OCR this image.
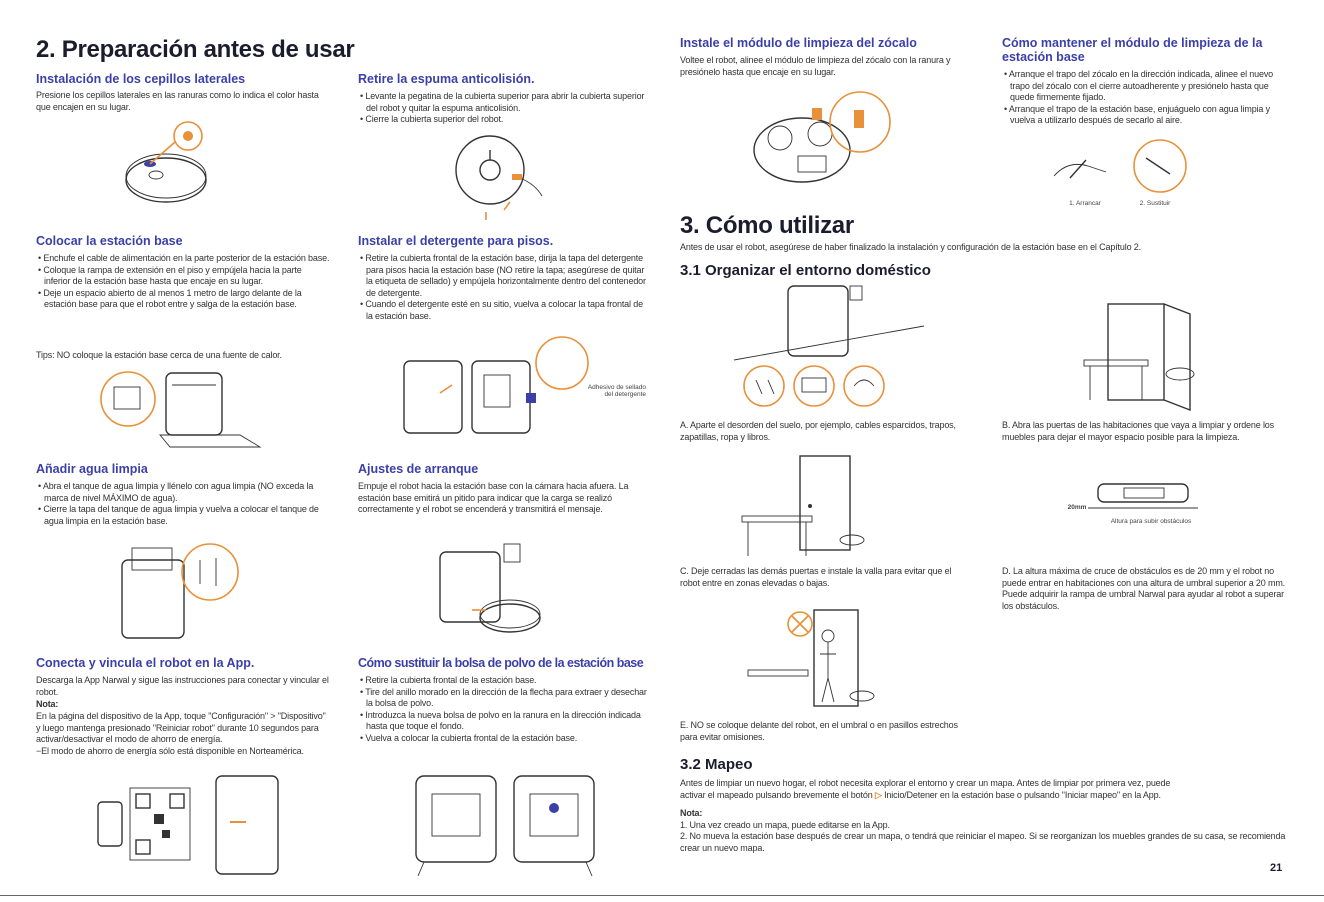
2. Preparación antes de usar
Instalación de los cepillos laterales
Presione los cepillos laterales en las ranuras como lo indica el color hasta que encajen en su lugar.
Retire la espuma anticolisión.
• Levante la pegatina de la cubierta superior para abrir la cubierta superior del robot y quitar la espuma anticolisión.
• Cierre la cubierta superior del robot.
Colocar la estación base
• Enchufe el cable de alimentación en la parte posterior de la estación base.
• Coloque la rampa de extensión en el piso y empújela hacia la parte inferior de la estación base hasta que encaje en su lugar.
• Deje un espacio abierto de al menos 1 metro de largo delante de la estación base para que el robot entre y salga de la estación base.
Tips: NO coloque la estación base cerca de una fuente de calor.
Instalar el detergente para pisos.
• Retire la cubierta frontal de la estación base, dirija la tapa del detergente para pisos hacia la estación base (NO retire la tapa; asegúrese de quitar la etiqueta de sellado) y empújela horizontalmente dentro del contenedor de detergente.
• Cuando el detergente esté en su sitio, vuelva a colocar la tapa frontal de la estación base.
Adhesivo de sellado
del detergente
Añadir agua limpia
• Abra el tanque de agua limpia y llénelo con agua limpia (NO exceda la marca de nivel MÁXIMO de agua).
• Cierre la tapa del tanque de agua limpia y vuelva a colocar el tanque de agua limpia en la estación base.
Ajustes de arranque
Empuje el robot hacia la estación base con la cámara hacia afuera. La estación base emitirá un pitido para indicar que la carga se realizó correctamente y el robot se encenderá y transmitirá el mensaje.
Conecta y vincula el robot en la App.
Descarga la App Narwal y sigue las instrucciones para conectar y vincular el robot.
Nota:
En la página del dispositivo de la App, toque "Configuración" > "Dispositivo" y luego mantenga presionado "Reiniciar robot" durante 10 segundos para activar/desactivar el modo de ahorro de energía.
−El modo de ahorro de energía sólo está disponible en Norteamérica.
Cómo sustituir la bolsa de polvo de la estación base
• Retire la cubierta frontal de la estación base.
• Tire del anillo morado en la dirección de la flecha para extraer y desechar la bolsa de polvo.
• Introduzca la nueva bolsa de polvo en la ranura en la dirección indicada hasta que toque el fondo.
• Vuelva a colocar la cubierta frontal de la estación base.
Instale el módulo de limpieza del zócalo
Voltee el robot, alinee el módulo de limpieza del zócalo con la ranura y presiónelo hasta que encaje en su lugar.
Cómo mantener el módulo de limpieza de la estación base
• Arranque el trapo del zócalo en la dirección indicada, alinee el nuevo trapo del zócalo con el cierre autoadherente y presiónelo hasta que quede firmemente fijado.
• Arranque el trapo de la estación base, enjuáguelo con agua limpia y vuelva a utilizarlo después de secarlo al aire.
1. Arrancar	2. Sustituir
3. Cómo utilizar
Antes de usar el robot, asegúrese de haber finalizado la instalación y configuración de la estación base en el Capítulo 2.
3.1 Organizar el entorno doméstico
A. Aparte el desorden del suelo, por ejemplo, cables esparcidos, trapos, zapatillas, ropa y libros.
B. Abra las puertas de las habitaciones que vaya a limpiar y ordene los muebles para dejar el mayor espacio posible para la limpieza.
C. Deje cerradas las demás puertas e instale la valla para evitar que el robot entre en zonas elevadas o bajas.
20mm
Altura para subir obstáculos
D. La altura máxima de cruce de obstáculos es de 20 mm y el robot no puede entrar en habitaciones con una altura de umbral superior a 20 mm. Puede adquirir la rampa de umbral Narwal para ayudar al robot a superar los obstáculos.
E. NO se coloque delante del robot, en el umbral o en pasillos estrechos para evitar omisiones.
3.2 Mapeo
Antes de limpiar un nuevo hogar, el robot necesita explorar el entorno y crear un mapa. Antes de limpiar por primera vez, puede
activar el mapeado pulsando brevemente el botón ▷ Inicio/Detener en la estación base o pulsando "Iniciar mapeo" en la App.
Nota:
1. Una vez creado un mapa, puede editarse en la App.
2. No mueva la estación base después de crear un mapa, o tendrá que reiniciar el mapeo. Si se reorganizan los muebles grandes de su casa, se recomienda crear un nuevo mapa.
21
